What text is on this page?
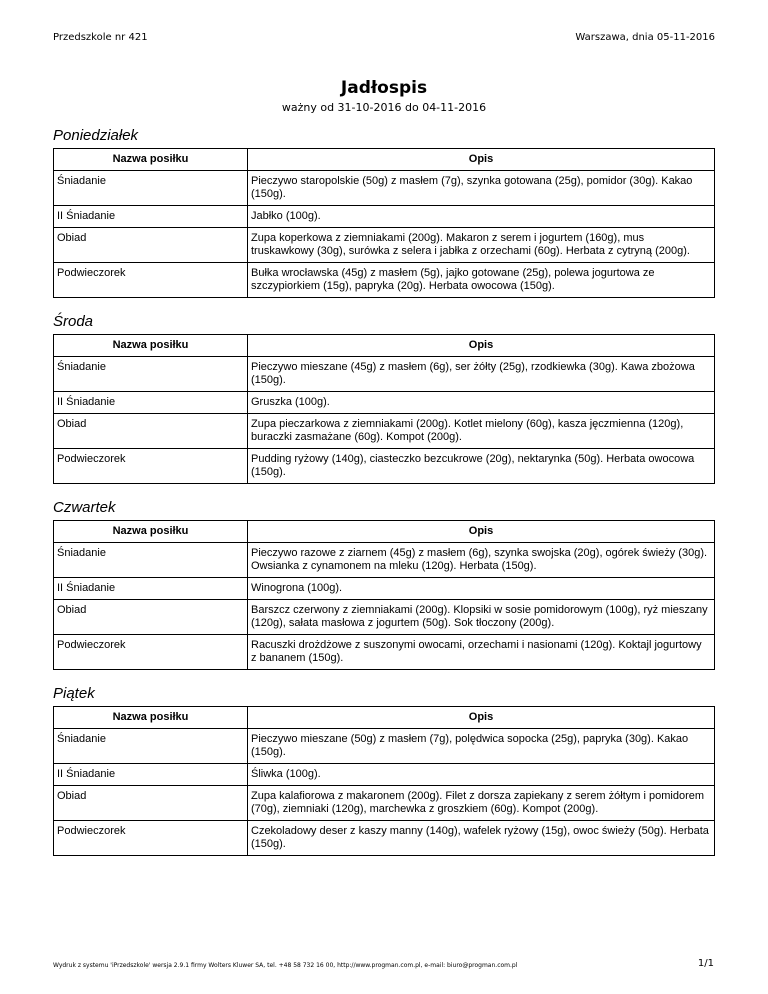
Przedszkole nr 421	Warszawa, dnia 05-11-2016
Jadłospis
ważny od 31-10-2016 do 04-11-2016
Poniedziałek
Nazwa posiłku	Opis
Śniadanie	Pieczywo staropolskie (50g) z masłem (7g), szynka gotowana (25g), pomidor (30g). Kakao (150g).
II Śniadanie	Jabłko (100g).
Obiad	Zupa koperkowa z ziemniakami (200g). Makaron z serem i jogurtem (160g), mus truskawkowy (30g), surówka z selera i jabłka z orzechami (60g). Herbata z cytryną (200g).
Podwieczorek	Bułka wrocławska (45g) z masłem (5g), jajko gotowane (25g), polewa jogurtowa ze szczypiorkiem (15g), papryka (20g). Herbata owocowa (150g).
Środa
Nazwa posiłku	Opis
Śniadanie	Pieczywo mieszane (45g) z masłem (6g), ser żółty (25g), rzodkiewka (30g). Kawa zbożowa (150g).
II Śniadanie	Gruszka (100g).
Obiad	Zupa pieczarkowa z ziemniakami (200g). Kotlet mielony (60g), kasza jęczmienna (120g), buraczki zasmażane (60g). Kompot (200g).
Podwieczorek	Pudding ryżowy (140g), ciasteczko bezcukrowe (20g), nektarynka (50g). Herbata owocowa (150g).
Czwartek
Nazwa posiłku	Opis
Śniadanie	Pieczywo razowe z ziarnem (45g) z masłem (6g), szynka swojska (20g), ogórek świeży (30g). Owsianka z cynamonem na mleku (120g). Herbata (150g).
II Śniadanie	Winogrona (100g).
Obiad	Barszcz czerwony z ziemniakami (200g). Klopsiki w sosie pomidorowym (100g), ryż mieszany (120g), sałata masłowa z jogurtem (50g). Sok tłoczony (200g).
Podwieczorek	Racuszki drożdżowe z suszonymi owocami, orzechami i nasionami (120g). Koktajl jogurtowy z bananem (150g).
Piątek
Nazwa posiłku	Opis
Śniadanie	Pieczywo mieszane (50g) z masłem (7g), polędwica sopocka (25g), papryka (30g). Kakao (150g).
II Śniadanie	Śliwka (100g).
Obiad	Zupa kalafiorowa z makaronem (200g). Filet z dorsza zapiekany z serem żółtym i pomidorem (70g), ziemniaki (120g), marchewka z groszkiem (60g). Kompot (200g).
Podwieczorek	Czekoladowy deser z kaszy manny (140g), wafelek ryżowy (15g), owoc świeży (50g). Herbata (150g).
Wydruk z systemu 'iPrzedszkole' wersja 2.9.1 firmy Wolters Kluwer SA, tel. +48 58 732 16 00, http://www.progman.com.pl, e-mail: biuro@progman.com.pl	1/1
